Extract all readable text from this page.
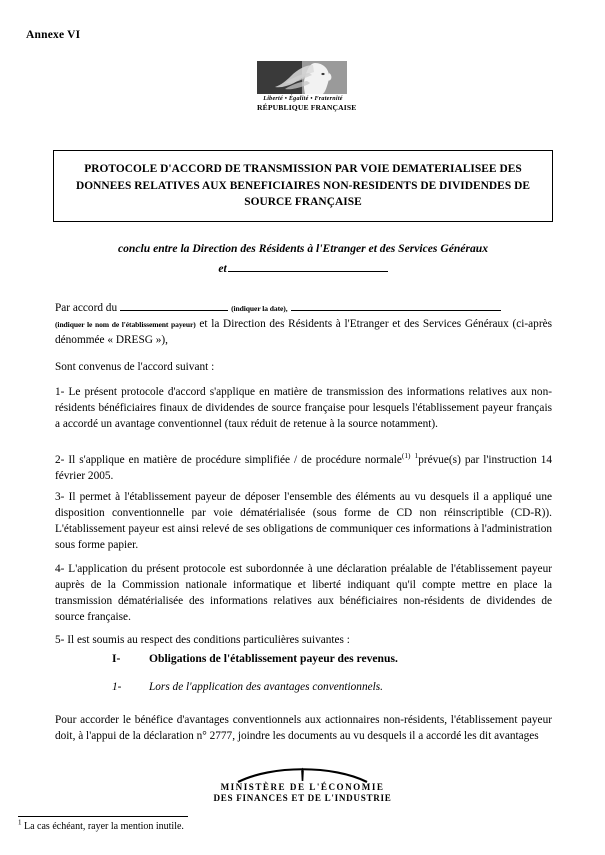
Annexe VI
Liberté • Égalité • Fraternité
RÉPUBLIQUE FRANÇAISE
PROTOCOLE D'ACCORD DE TRANSMISSION PAR VOIE DEMATERIALISEE DES DONNEES RELATIVES AUX BENEFICIAIRES NON-RESIDENTS DE DIVIDENDES DE SOURCE FRANÇAISE
conclu entre la Direction des Résidents à l'Etranger et des Services Généraux
et
Par accord du	(indiquer la date),
(indiquer le nom de l'établissement payeur) et la Direction des Résidents à l'Etranger et des Services Généraux (ci-après dénommée « DRESG »),
Sont convenus de l'accord suivant :
1- Le présent protocole d'accord s'applique en matière de transmission des informations relatives aux non-résidents bénéficiaires finaux de dividendes de source française pour lesquels l'établissement payeur français a accordé un avantage conventionnel (taux réduit de retenue à la source notamment).
2- Il s'applique en matière de procédure simplifiée / de procédure normale$^{(1)}$ $^1$prévue(s) par l'instruction 14 février 2005.
3- Il permet à l'établissement payeur de déposer l'ensemble des éléments au vu desquels il a appliqué une disposition conventionnelle par voie dématérialisée (sous forme de CD non réinscriptible (CD-R)). L'établissement payeur est ainsi relevé de ses obligations de communiquer ces informations à l'administration sous forme papier.
4- L'application du présent protocole est subordonnée à une déclaration préalable de l'établissement payeur auprès de la Commission nationale informatique et liberté indiquant qu'il compte mettre en place la transmission dématérialisée des informations relatives aux bénéficiaires non-résidents de dividendes de source française.
5- Il est soumis au respect des conditions particulières suivantes :
I- Obligations de l'établissement payeur des revenus.
1- Lors de l'application des avantages conventionnels.
Pour accorder le bénéfice d'avantages conventionnels aux actionnaires non-résidents, l'établissement payeur doit, à l'appui de la déclaration n° 2777, joindre les documents au vu desquels il a accordé les dit avantages
MINISTÈRE DE L'ÉCONOMIE
DES FINANCES ET DE L'INDUSTRIE
$^1$ La cas échéant, rayer la mention inutile.
